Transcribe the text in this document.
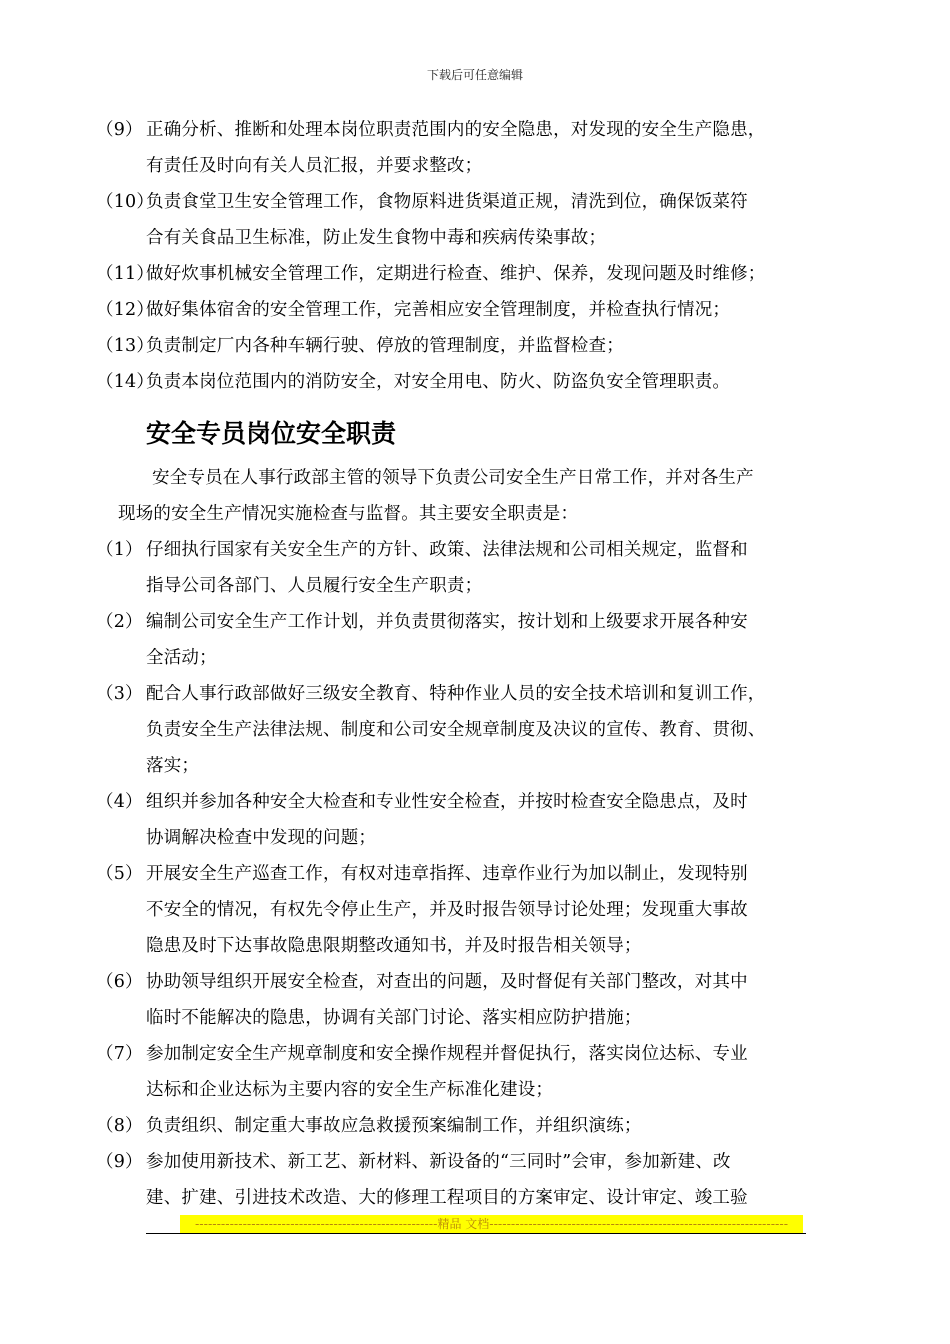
下载后可任意编辑
（9） 正确分析、推断和处理本岗位职责范围内的安全隐患，对发现的安全生产隐患，
有责任及时向有关人员汇报，并要求整改；
（10）
负责食堂卫生安全管理工作，食物原料进货渠道正规，清洗到位，确保饭菜符
合有关食品卫生标准，防止发生食物中毒和疾病传染事故；
（11）
做好炊事机械安全管理工作，定期进行检查、维护、保养，发现问题及时维修；
（12）
做好集体宿舍的安全管理工作，完善相应安全管理制度，并检查执行情况；
（13）
负责制定厂内各种车辆行驶、停放的管理制度，并监督检查；
（14）
负责本岗位范围内的消防安全，对安全用电、防火、防盗负安全管理职责。
安全专员岗位安全职责
安全专员在人事行政部主管的领导下负责公司安全生产日常工作，并对各生产
现场的安全生产情况实施检查与监督。其主要安全职责是：
（1） 仔细执行国家有关安全生产的方针、政策、法律法规和公司相关规定，监督和
指导公司各部门、人员履行安全生产职责；
（2） 编制公司安全生产工作计划，并负责贯彻落实，按计划和上级要求开展各种安
全活动；
（3） 配合人事行政部做好三级安全教育、特种作业人员的安全技术培训和复训工作，
负责安全生产法律法规、制度和公司安全规章制度及决议的宣传、教育、贯彻、
落实；
（4） 组织并参加各种安全大检查和专业性安全检查，并按时检查安全隐患点，及时
协调解决检查中发现的问题；
（5） 开展安全生产巡查工作，有权对违章指挥、违章作业行为加以制止，发现特别
不安全的情况，有权先令停止生产，并及时报告领导讨论处理；发现重大事故
隐患及时下达事故隐患限期整改通知书，并及时报告相关领导；
（6） 协助领导组织开展安全检查，对查出的问题，及时督促有关部门整改，对其中
临时不能解决的隐患，协调有关部门讨论、落实相应防护措施；
（7） 参加制定安全生产规章制度和安全操作规程并督促执行，落实岗位达标、专业
达标和企业达标为主要内容的安全生产标准化建设；
（8） 负责组织、制定重大事故应急救援预案编制工作，并组织演练；
（9） 参加使用新技术、新工艺、新材料、新设备的“三同时”会审，参加新建、改
建、扩建、引进技术改造、大的修理工程项目的方案审定、设计审定、竣工验
--------------------------------------------------------精品 文档---------------------------------------------------------------------
